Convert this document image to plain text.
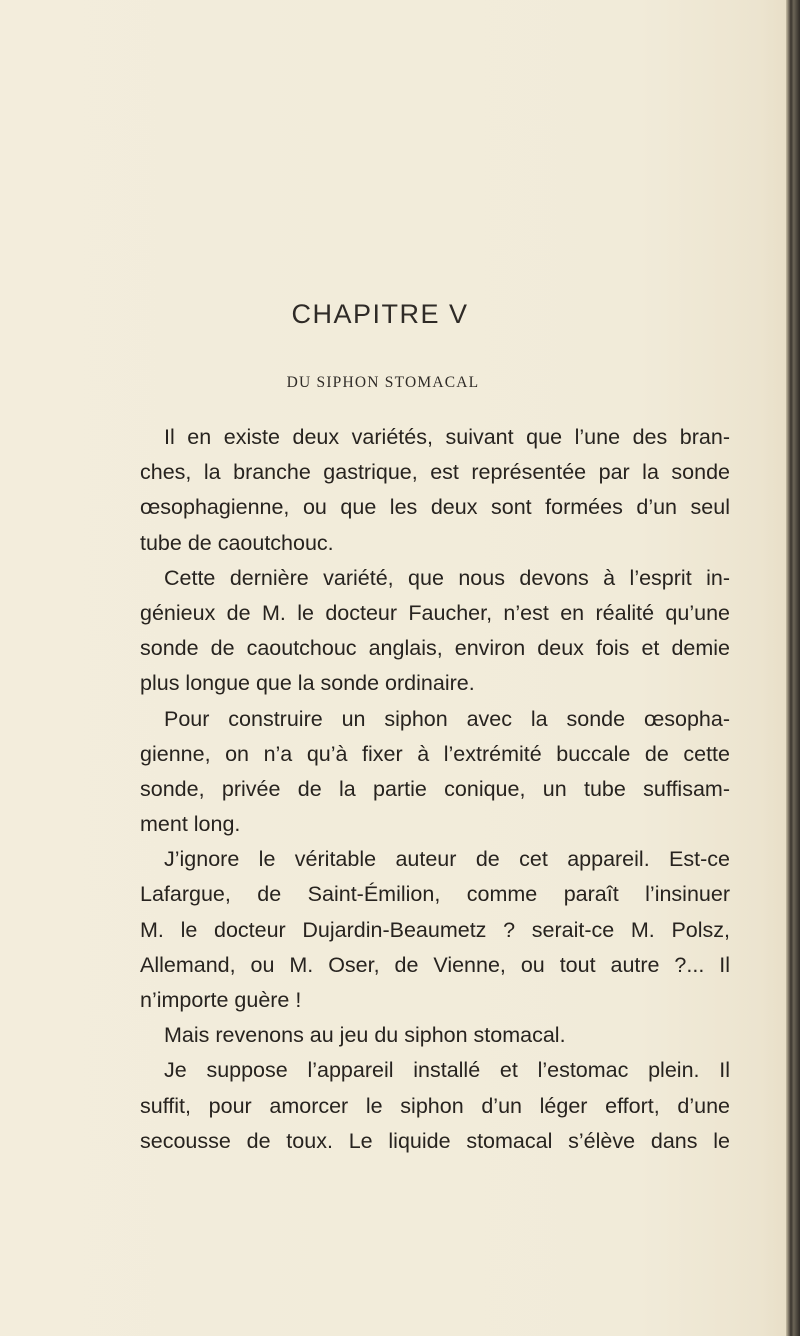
CHAPITRE V
DU SIPHON STOMACAL
Il en existe deux variétés, suivant que l’une des bran-
ches, la branche gastrique, est représentée par la sonde
œsophagienne, ou que les deux sont formées d’un seul
tube de caoutchouc.
Cette dernière variété, que nous devons à l’esprit in-
génieux de M. le docteur Faucher, n’est en réalité qu’une
sonde de caoutchouc anglais, environ deux fois et demie
plus longue que la sonde ordinaire.
Pour construire un siphon avec la sonde œsopha-
gienne, on n’a qu’à fixer à l’extrémité buccale de cette
sonde, privée de la partie conique, un tube suffisam-
ment long.
J’ignore le véritable auteur de cet appareil. Est-ce
Lafargue, de Saint-Émilion, comme paraît l’insinuer
M. le docteur Dujardin-Beaumetz ? serait-ce M. Polsz,
Allemand, ou M. Oser, de Vienne, ou tout autre ?... Il
n’importe guère !
Mais revenons au jeu du siphon stomacal.
Je suppose l’appareil installé et l’estomac plein. Il
suffit, pour amorcer le siphon d’un léger effort, d’une
secousse de toux. Le liquide stomacal s’élève dans le
